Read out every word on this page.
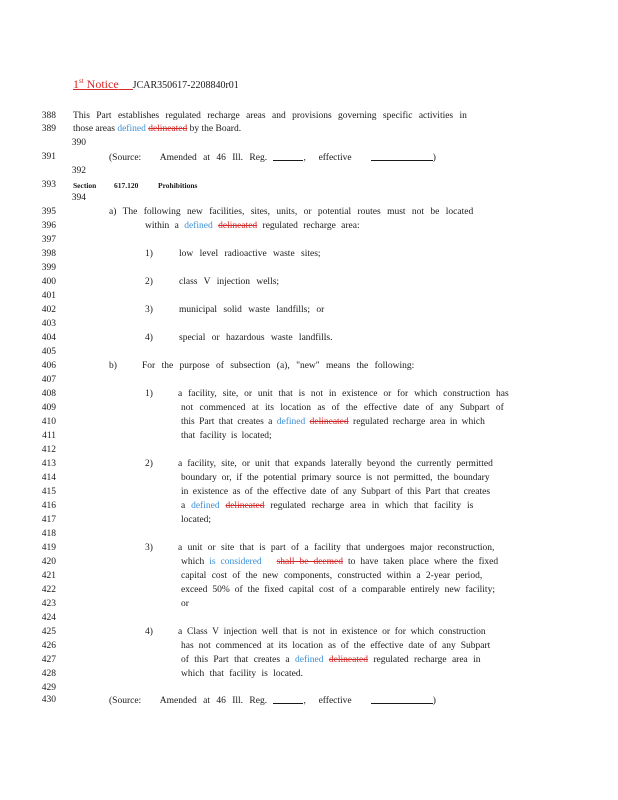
1st Notice JCAR350617-2208840r01
388 This Part establishes regulated recharge areas and provisions governing specific activities in
389 those areas defined delineated by the Board.
390
391	(Source: Amended at 46 Ill. Reg.	, effective	)
392
393 Section 617.120	Prohibitions
394
395	a) The following new facilities, sites, units, or potential routes must not be located
396	within a defined delineated regulated recharge area:
397
398	1)	low level radioactive waste sites;
399
400	2)	class V injection wells;
401
402	3)	municipal solid waste landfills; or
403
404	4)	special or hazardous waste landfills.
405
406	b)	For the purpose of subsection (a), "new" means the following:
407
408	1)	a facility, site, or unit that is not in existence or for which construction has
409	not commenced at its location as of the effective date of any Subpart of
410	this Part that creates a defined delineated regulated recharge area in which
411	that facility is located;
412
413	2)	a facility, site, or unit that expands laterally beyond the currently permitted
414	boundary or, if the potential primary source is not permitted, the boundary
415	in existence as of the effective date of any Subpart of this Part that creates
416	a defined delineated regulated recharge area in which that facility is
417	located;
418
419	3)	a unit or site that is part of a facility that undergoes major reconstruction,
420	which is considered shall be deemed to have taken place where the fixed
421	capital cost of the new components, constructed within a 2-year period,
422	exceed 50% of the fixed capital cost of a comparable entirely new facility;
423	or
424
425	4)	a Class V injection well that is not in existence or for which construction
426	has not commenced at its location as of the effective date of any Subpart
427	of this Part that creates a defined delineated regulated recharge area in
428	which that facility is located.
429
430	(Source: Amended at 46 Ill. Reg.	, effective	)
